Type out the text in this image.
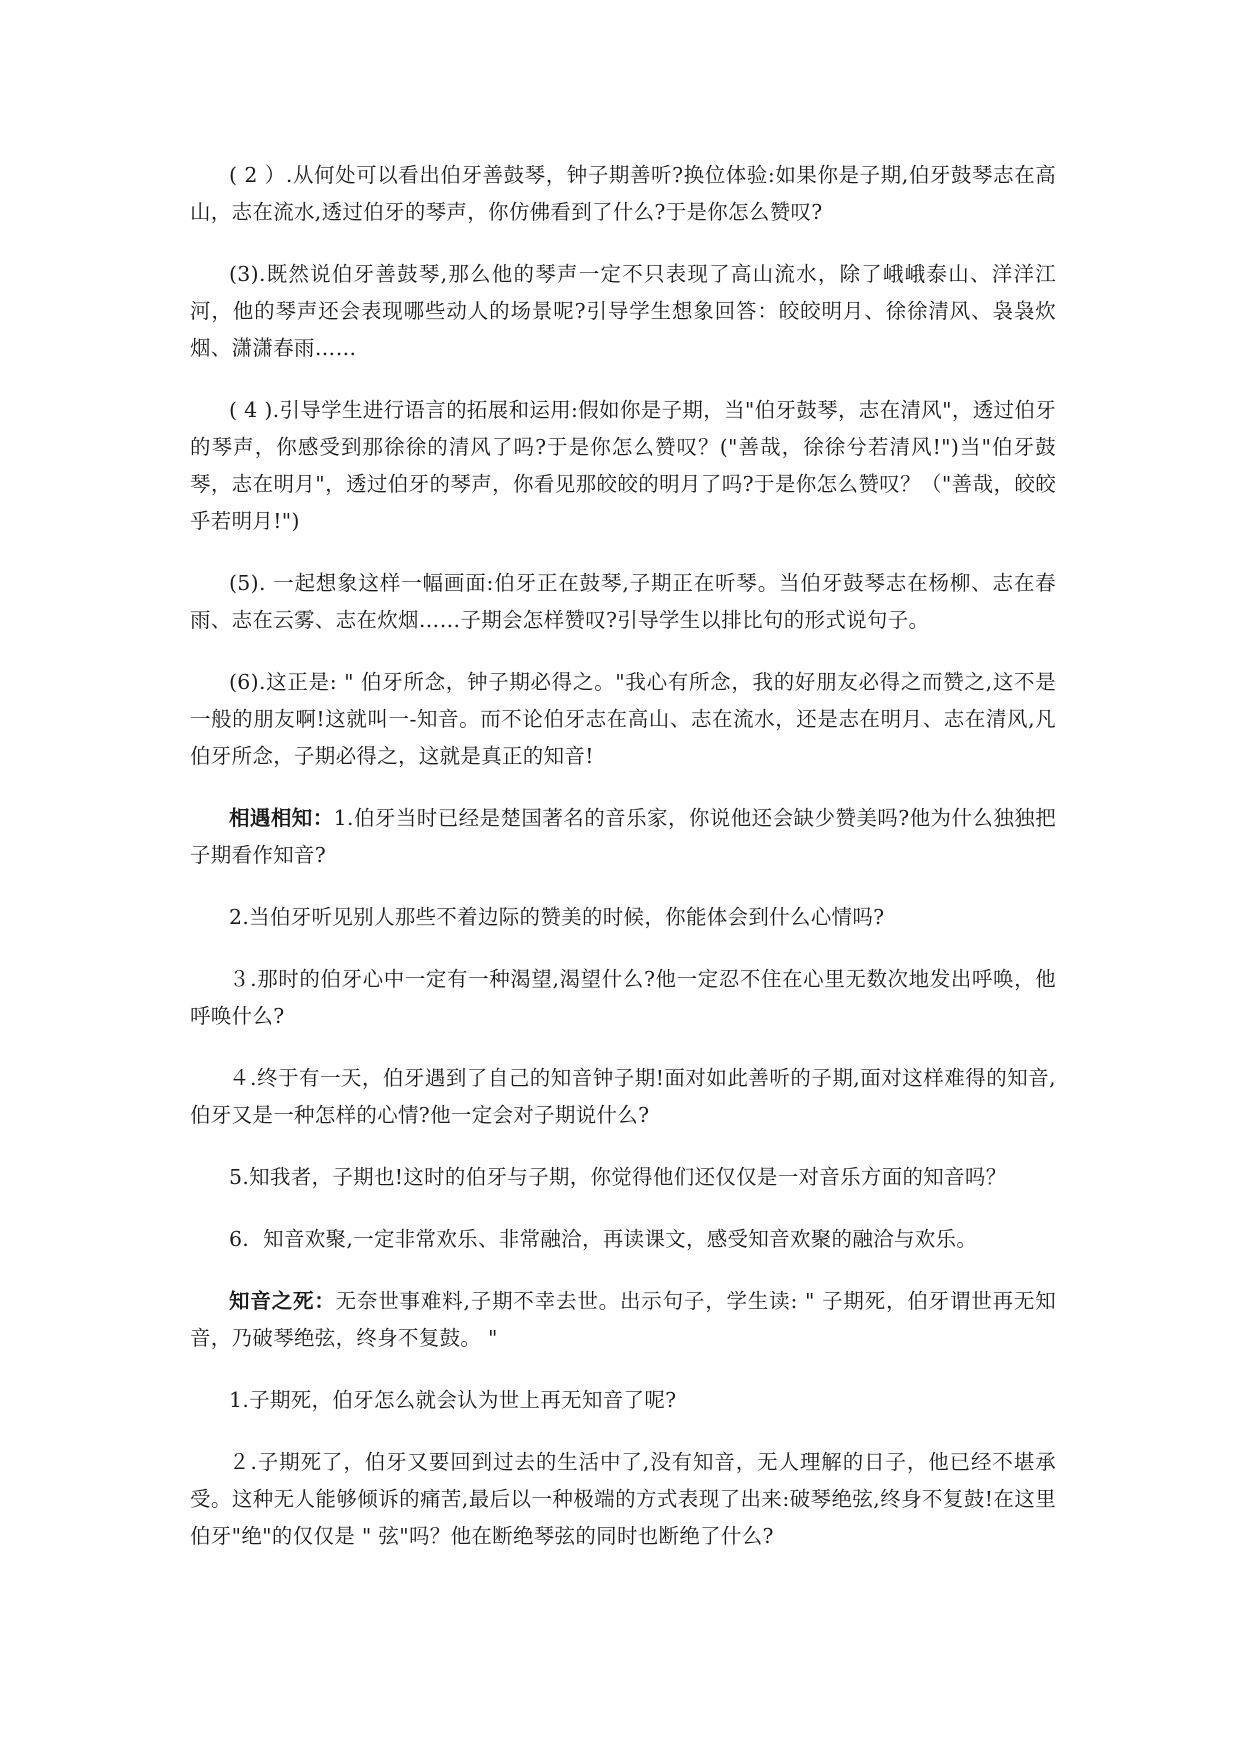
( 2 ）.从何处可以看出伯牙善鼓琴，钟子期善听?换位体验:如果你是子期,伯牙鼓琴志在高山，志在流水,透过伯牙的琴声，你仿佛看到了什么?于是你怎么赞叹?

(3).既然说伯牙善鼓琴,那么他的琴声一定不只表现了高山流水，除了峨峨泰山、洋洋江河，他的琴声还会表现哪些动人的场景呢?引导学生想象回答：皎皎明月、徐徐清风、袅袅炊烟、潇潇春雨……

( 4 ).引导学生进行语言的拓展和运用:假如你是子期，当"伯牙鼓琴，志在清风"，透过伯牙的琴声，你感受到那徐徐的清风了吗?于是你怎么赞叹？("善哉，徐徐兮若清风!")当"伯牙鼓琴，志在明月"，透过伯牙的琴声，你看见那皎皎的明月了吗?于是你怎么赞叹？（"善哉，皎皎乎若明月!")

(5). 一起想象这样一幅画面:伯牙正在鼓琴,子期正在听琴。当伯牙鼓琴志在杨柳、志在春雨、志在云雾、志在炊烟……子期会怎样赞叹?引导学生以排比句的形式说句子。

(6).这正是: " 伯牙所念，钟子期必得之。"我心有所念，我的好朋友必得之而赞之,这不是一般的朋友啊!这就叫一-知音。而不论伯牙志在高山、志在流水，还是志在明月、志在清风,凡伯牙所念，子期必得之，这就是真正的知音!

相遇相知：1.伯牙当时已经是楚国著名的音乐家，你说他还会缺少赞美吗?他为什么独独把子期看作知音?

2.当伯牙听见别人那些不着边际的赞美的时候，你能体会到什么心情吗?

３.那时的伯牙心中一定有一种渴望,渴望什么?他一定忍不住在心里无数次地发出呼唤，他呼唤什么?

４.终于有一天，伯牙遇到了自己的知音钟子期!面对如此善听的子期,面对这样难得的知音,伯牙又是一种怎样的心情?他一定会对子期说什么?

5.知我者，子期也!这时的伯牙与子期，你觉得他们还仅仅是一对音乐方面的知音吗？

6．知音欢聚,一定非常欢乐、非常融洽，再读课文，感受知音欢聚的融洽与欢乐。

知音之死：无奈世事难料,子期不幸去世。出示句子，学生读: " 子期死，伯牙谓世再无知音，乃破琴绝弦，终身不复鼓。 "

1.子期死，伯牙怎么就会认为世上再无知音了呢?

２.子期死了，伯牙又要回到过去的生活中了,没有知音，无人理解的日子，他已经不堪承受。这种无人能够倾诉的痛苦,最后以一种极端的方式表现了出来:破琴绝弦,终身不复鼓!在这里伯牙"绝"的仅仅是 " 弦"吗？他在断绝琴弦的同时也断绝了什么?
